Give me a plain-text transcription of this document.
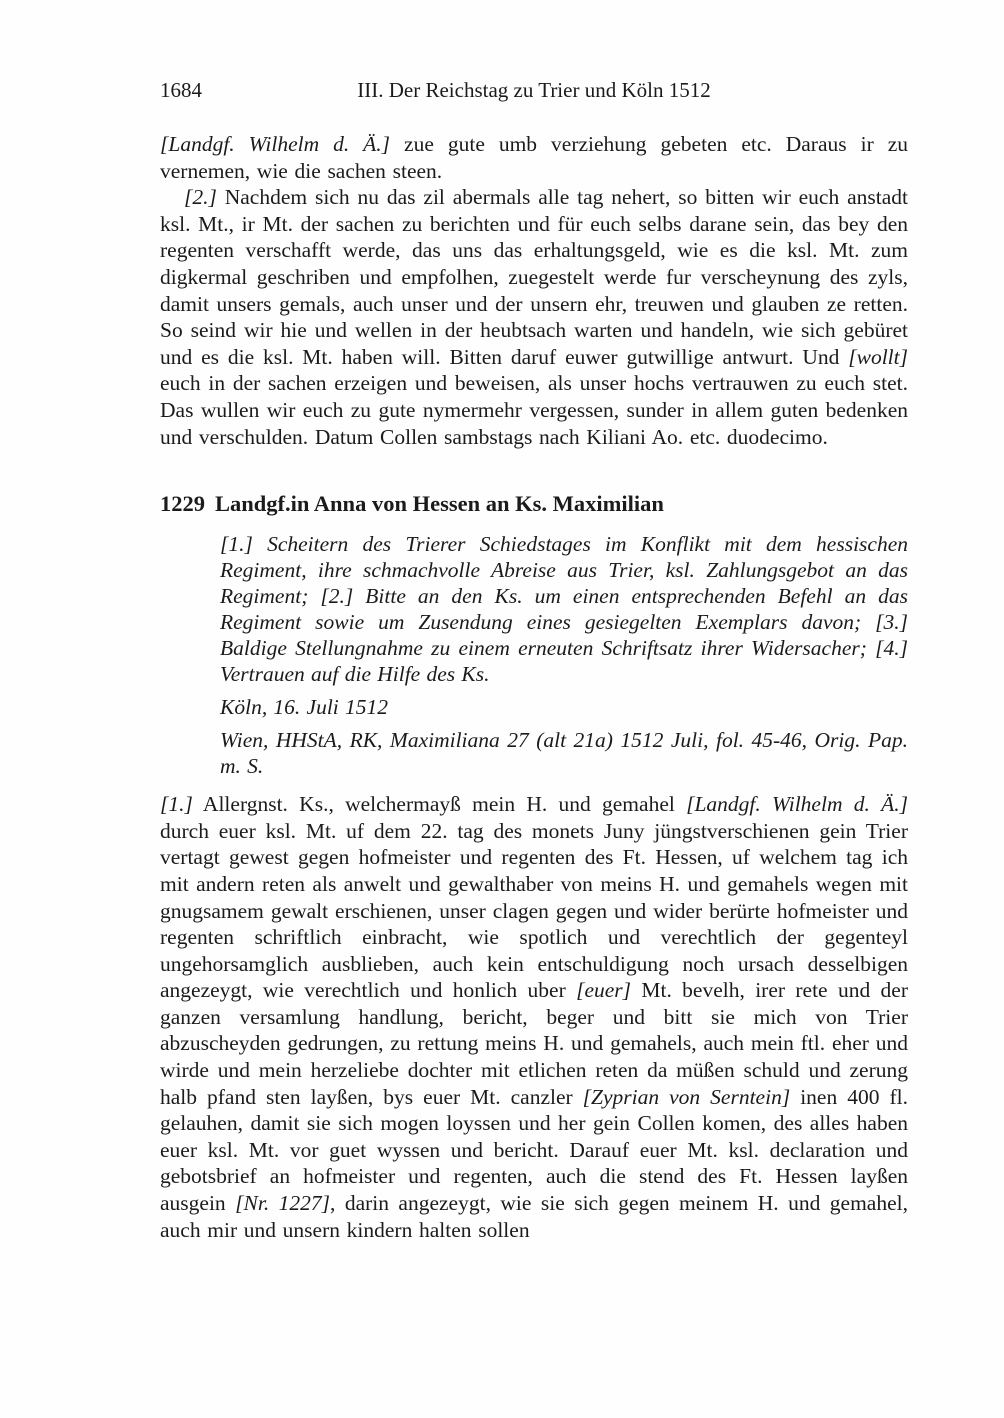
1684	III. Der Reichstag zu Trier und Köln 1512

[Landgf. Wilhelm d. Ä.] zue gute umb verziehung gebeten etc. Daraus ir zu vernemen, wie die sachen steen.

[2.] Nachdem sich nu das zil abermals alle tag nehert, so bitten wir euch anstadt ksl. Mt., ir Mt. der sachen zu berichten und für euch selbs darane sein, das bey den regenten verschafft werde, das uns das erhaltungsgeld, wie es die ksl. Mt. zum digkermal geschriben und empfolhen, zuegestelt werde fur verscheynung des zyls, damit unsers gemals, auch unser und der unsern ehr, treuwen und glauben ze retten. So seind wir hie und wellen in der heubtsach warten und handeln, wie sich gebüret und es die ksl. Mt. haben will. Bitten daruf euwer gutwillige antwurt. Und [wollt] euch in der sachen erzeigen und beweisen, als unser hochs vertrauwen zu euch stet. Das wullen wir euch zu gute nymermehr vergessen, sunder in allem guten bedenken und verschulden. Datum Collen sambstags nach Kiliani Ao. etc. duodecimo.

1229 Landgf.in Anna von Hessen an Ks. Maximilian

[1.] Scheitern des Trierer Schiedstages im Konflikt mit dem hessischen Regiment, ihre schmachvolle Abreise aus Trier, ksl. Zahlungsgebot an das Regiment; [2.] Bitte an den Ks. um einen entsprechenden Befehl an das Regiment sowie um Zusendung eines gesiegelten Exemplars davon; [3.] Baldige Stellungnahme zu einem erneuten Schriftsatz ihrer Widersacher; [4.] Vertrauen auf die Hilfe des Ks.

Köln, 16. Juli 1512

Wien, HHStA, RK, Maximiliana 27 (alt 21a) 1512 Juli, fol. 45-46, Orig. Pap. m. S.

[1.] Allergnst. Ks., welchermayß mein H. und gemahel [Landgf. Wilhelm d. Ä.] durch euer ksl. Mt. uf dem 22. tag des monets Juny jüngstverschienen gein Trier vertagt gewest gegen hofmeister und regenten des Ft. Hessen, uf welchem tag ich mit andern reten als anwelt und gewalthaber von meins H. und gemahels wegen mit gnugsamem gewalt erschienen, unser clagen gegen und wider berürte hofmeister und regenten schriftlich einbracht, wie spotlich und verechtlich der gegenteyl ungehorsamglich ausblieben, auch kein entschuldigung noch ursach desselbigen angezeygt, wie verechtlich und honlich uber [euer] Mt. bevelh, irer rete und der ganzen versamlung handlung, bericht, beger und bitt sie mich von Trier abzuscheyden gedrungen, zu rettung meins H. und gemahels, auch mein ftl. eher und wirde und mein herzeliebe dochter mit etlichen reten da müßen schuld und zerung halb pfand sten layßen, bys euer Mt. canzler [Zyprian von Serntein] inen 400 fl. gelauhen, damit sie sich mogen loyssen und her gein Collen komen, des alles haben euer ksl. Mt. vor guet wyssen und bericht. Darauf euer Mt. ksl. declaration und gebotsbrief an hofmeister und regenten, auch die stend des Ft. Hessen layßen ausgein [Nr. 1227], darin angezeygt, wie sie sich gegen meinem H. und gemahel, auch mir und unsern kindern halten sollen
